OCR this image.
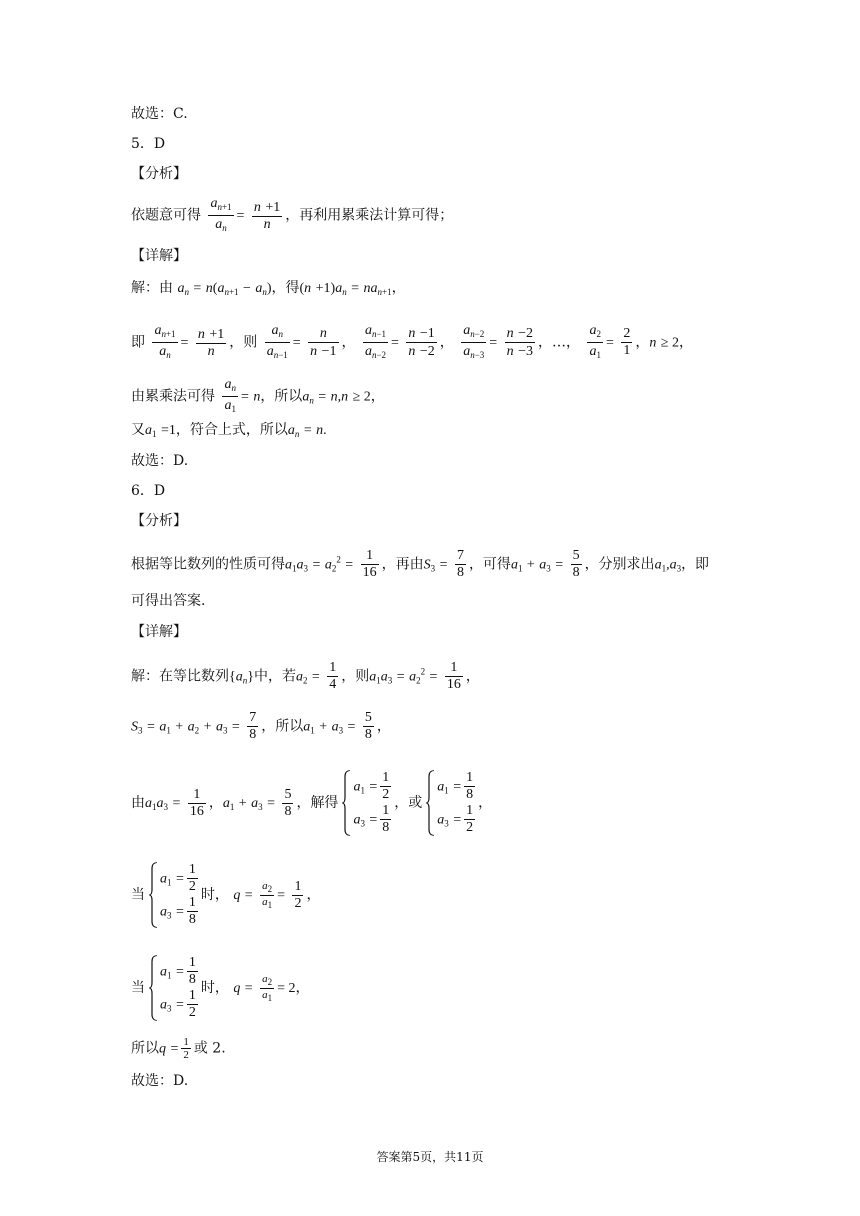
故选：C.
5．D
【分析】
依题意可得 $\frac{a_{n+1}}{a_n} = \frac{n +1}{n}$ ，再利用累乘法计算可得；
【详解】
解：由 $a_n = n(a_{n+1} - a_n)$，得$(n +1)a_n = na_{n+1}$，
即 $\frac{a_{n+1}}{a_n} = \frac{n +1}{n}$ ，则 $\frac{a_n}{a_{n-1}} = \frac{n}{n -1}$ ， $\frac{a_{n-1}}{a_{n-2}} = \frac{n -1}{n -2}$ ， $\frac{a_{n-2}}{a_{n-3}} = \frac{n -2}{n -3}$ ，…， $\frac{a_2}{a_1} = \frac{2}{1}$ ，n ≥ 2，
由累乘法可得 $\frac{a_n}{a_1} = n$，所以$a_n = n,n \ge 2$，
又$a_1 =1$，符合上式，所以$a_n = n$.
故选：D.
6．D
【分析】
根据等比数列的性质可得$a_1a_3 = a_2^2 = \frac{1}{16}$ ，再由$S_3 = \frac{7}{8}$ ，可得$a_1 + a_3 = \frac{5}{8}$ ，分别求出$a_1,a_3$，即
可得出答案.
【详解】
解：在等比数列$\{a_n\}$中，若$a_2 = \frac{1}{4}$ ，则$a_1a_3 = a_2^2 = \frac{1}{16}$ ，
$S_3 = a_1 + a_2 + a_3 = \frac{7}{8}$ ，所以$a_1 + a_3 = \frac{5}{8}$ ，
由$a_1a_3 = \frac{1}{16}$ ，$a_1 + a_3 = \frac{5}{8}$ ，解得
$a_1 = \frac{1}{2}$
$a_3 = \frac{1}{8}$ ，或
$a_1 = \frac{1}{8}$
$a_3 = \frac{1}{2}$ ，
当
$a_1 = \frac{1}{2}$
$a_3 = \frac{1}{8}$ 时， $q = \frac{a_2}{a_1} = \frac{1}{2}$ ，
当
$a_1 = \frac{1}{8}$
$a_3 = \frac{1}{2}$ 时， $q = \frac{a_2}{a_1} = 2$，
所以$q = \frac{1}{2}$ 或 2.
故选：D.
答案第5页，共11页
